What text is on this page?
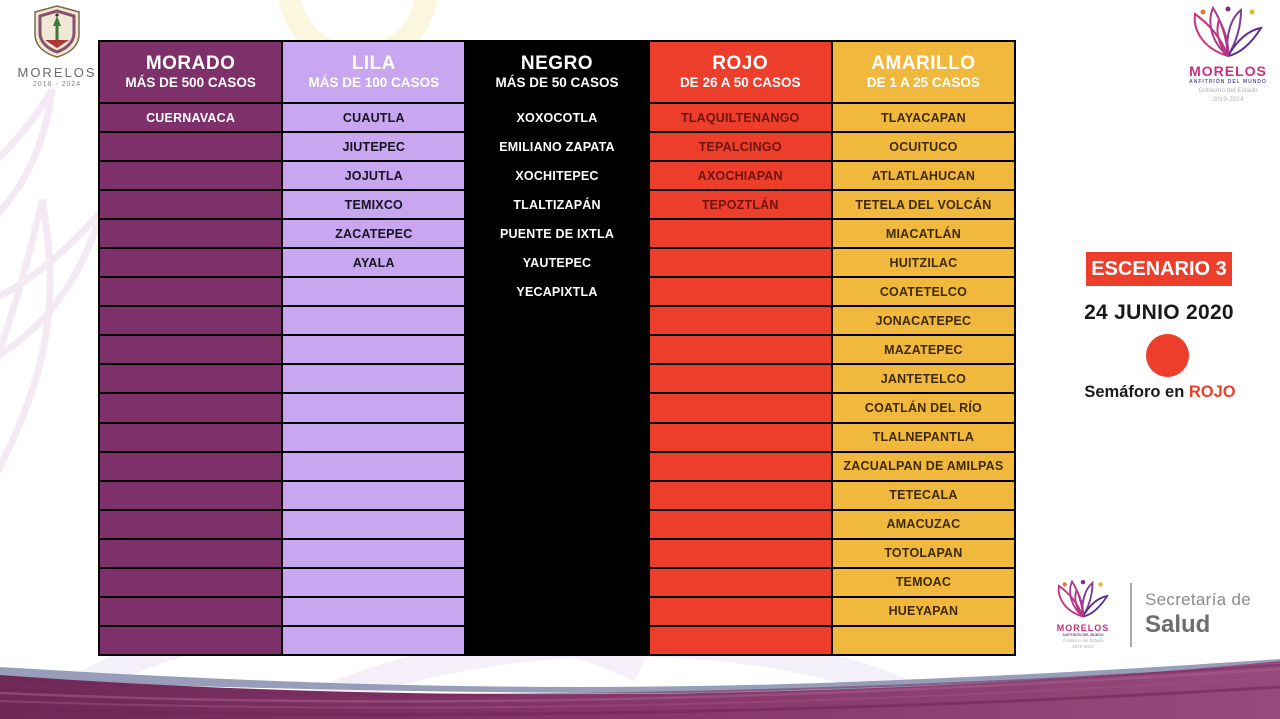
MORELOS
2018 - 2024
MORELOS
ANFITRIÓN DEL MUNDO
Gobierno del Estado
2019-2024
MORADO
MÁS DE 500 CASOS
CUERNAVACA
LILA
MÁS DE 100 CASOS
CUAUTLA
JIUTEPEC
JOJUTLA
TEMIXCO
ZACATEPEC
AYALA
NEGRO
MÁS DE 50 CASOS
XOXOCOTLA
EMILIANO ZAPATA
XOCHITEPEC
TLALTIZAPÁN
PUENTE DE IXTLA
YAUTEPEC
YECAPIXTLA
ROJO
DE 26 A 50 CASOS
TLAQUILTENANGO
TEPALCINGO
AXOCHIAPAN
TEPOZTLÁN
AMARILLO
DE 1 A 25 CASOS
TLAYACAPAN
OCUITUCO
ATLATLAHUCAN
TETELA DEL VOLCÁN
MIACATLÁN
HUITZILAC
COATETELCO
JONACATEPEC
MAZATEPEC
JANTETELCO
COATLÁN DEL RÍO
TLALNEPANTLA
ZACUALPAN DE AMILPAS
TETECALA
AMACUZAC
TOTOLAPAN
TEMOAC
HUEYAPAN
ESCENARIO 3
24 JUNIO 2020
Semáforo en ROJO
MORELOS
ANFITRIÓN DEL MUNDO
Gobierno del Estado
2019-2024
Secretaría de
Salud
